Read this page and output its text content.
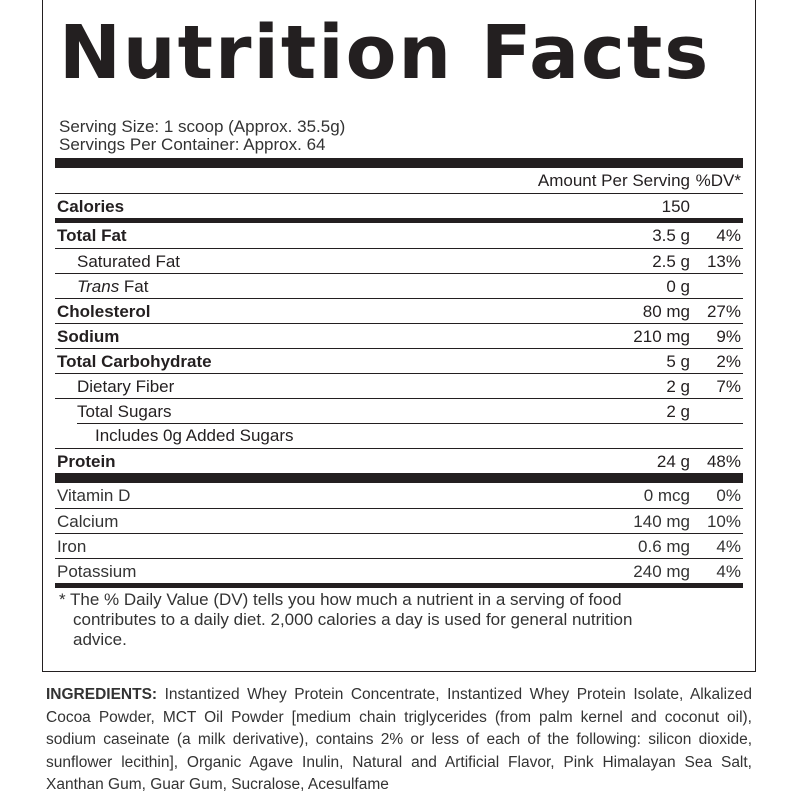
Nutrition Facts
Serving Size: 1 scoop (Approx. 35.5g)
Servings Per Container: Approx. 64
Amount Per Serving %DV*
Calories	150
Total Fat	3.5 g 4%
Saturated Fat	2.5 g 13%
Trans Fat	0 g
Cholesterol	80 mg 27%
Sodium	210 mg 9%
Total Carbohydrate	5 g 2%
Dietary Fiber	2 g 7%
Total Sugars	2 g
Includes 0g Added Sugars
Protein	24 g 48%
Vitamin D	0 mcg 0%
Calcium	140 mg 10%
Iron	0.6 mg 4%
Potassium	240 mg 4%
* The % Daily Value (DV) tells you how much a nutrient in a serving of food
contributes to a daily diet. 2,000 calories a day is used for general nutrition
advice.
INGREDIENTS: Instantized Whey Protein Concentrate, Instantized Whey Protein Isolate, Alkalized Cocoa Powder, MCT Oil Powder [medium chain triglycerides (from palm kernel and coconut oil), sodium caseinate (a milk derivative), contains 2% or less of each of the following: silicon dioxide, sunflower lecithin], Organic Agave Inulin, Natural and Artificial Flavor, Pink Himalayan Sea Salt, Xanthan Gum, Guar Gum, Sucralose, Acesulfame
